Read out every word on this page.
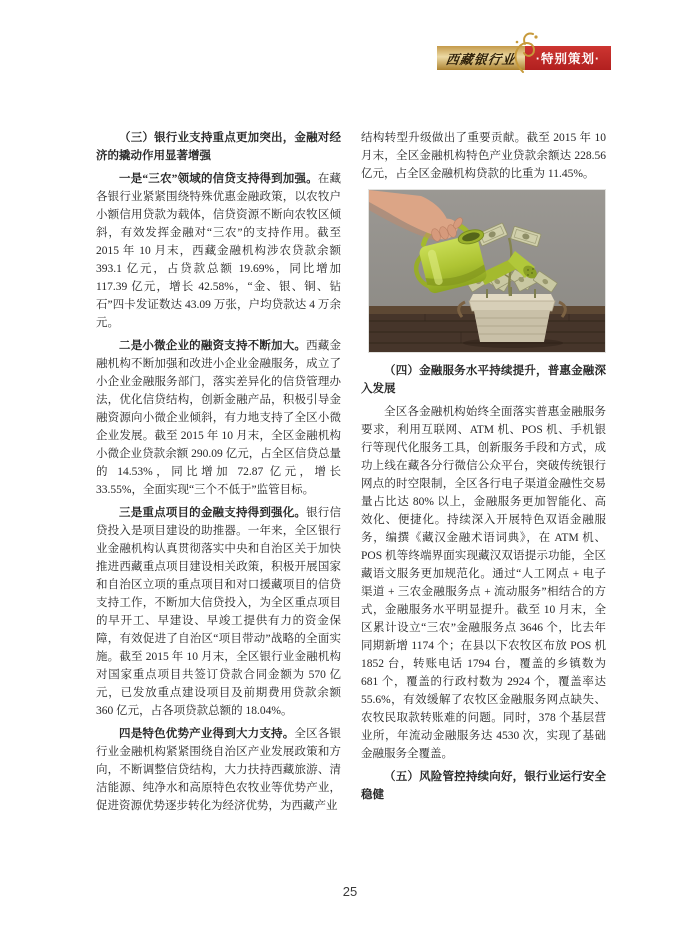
西藏银行业 ·特别策划·

（三）银行业支持重点更加突出，金融对经济的撬动作用显著增强

一是“三农”领域的信贷支持得到加强。在藏各银行业紧紧围绕特殊优惠金融政策，以农牧户小额信用贷款为载体，信贷资源不断向农牧区倾斜，有效发挥金融对“三农”的支持作用。截至 2015 年 10 月末，西藏金融机构涉农贷款余额 393.1 亿元，占贷款总额 19.69%，同比增加 117.39 亿元，增长 42.58%，“金、银、铜、钻石”四卡发证数达 43.09 万张，户均贷款达 4 万余元。

二是小微企业的融资支持不断加大。西藏金融机构不断加强和改进小企业金融服务，成立了小企业金融服务部门，落实差异化的信贷管理办法，优化信贷结构，创新金融产品，积极引导金融资源向小微企业倾斜，有力地支持了全区小微企业发展。截至 2015 年 10 月末，全区金融机构小微企业贷款余额 290.09 亿元，占全区信贷总量的 14.53%，同比增加 72.87 亿元，增长 33.55%，全面实现“三个不低于”监管目标。

三是重点项目的金融支持得到强化。银行信贷投入是项目建设的助推器。一年来，全区银行业金融机构认真贯彻落实中央和自治区关于加快推进西藏重点项目建设相关政策，积极开展国家和自治区立项的重点项目和对口援藏项目的信贷支持工作，不断加大信贷投入，为全区重点项目的早开工、早建设、早竣工提供有力的资金保障，有效促进了自治区“项目带动”战略的全面实施。截至 2015 年 10 月末，全区银行业金融机构对国家重点项目共签订贷款合同金额为 570 亿元，已发放重点建设项目及前期费用贷款余额 360 亿元，占各项贷款总额的 18.04%。

四是特色优势产业得到大力支持。全区各银行业金融机构紧紧围绕自治区产业发展政策和方向，不断调整信贷结构，大力扶持西藏旅游、清洁能源、纯净水和高原特色农牧业等优势产业，促进资源优势逐步转化为经济优势，为西藏产业

结构转型升级做出了重要贡献。截至 2015 年 10 月末，全区金融机构特色产业贷款余额达 228.56 亿元，占全区金融机构贷款的比重为 11.45%。

（四）金融服务水平持续提升，普惠金融深入发展

全区各金融机构始终全面落实普惠金融服务要求，利用互联网、ATM 机、POS 机、手机银行等现代化服务工具，创新服务手段和方式，成功上线在藏各分行微信公众平台，突破传统银行网点的时空限制，全区各行电子渠道金融性交易量占比达 80% 以上，金融服务更加智能化、高效化、便捷化。持续深入开展特色双语金融服务，编撰《藏汉金融术语词典》，在 ATM 机、POS 机等终端界面实现藏汉双语提示功能，全区藏语文服务更加规范化。通过“人工网点 + 电子渠道 + 三农金融服务点 + 流动服务”相结合的方式，金融服务水平明显提升。截至 10 月末，全区累计设立“三农”金融服务点 3646 个，比去年同期新增 1174 个；在县以下农牧区布放 POS 机 1852 台，转账电话 1794 台，覆盖的乡镇数为 681 个，覆盖的行政村数为 2924 个，覆盖率达 55.6%，有效缓解了农牧区金融服务网点缺失、农牧民取款转账难的问题。同时，378 个基层营业所，年流动金融服务达 4530 次，实现了基础金融服务全覆盖。

（五）风险管控持续向好，银行业运行安全稳健

25
